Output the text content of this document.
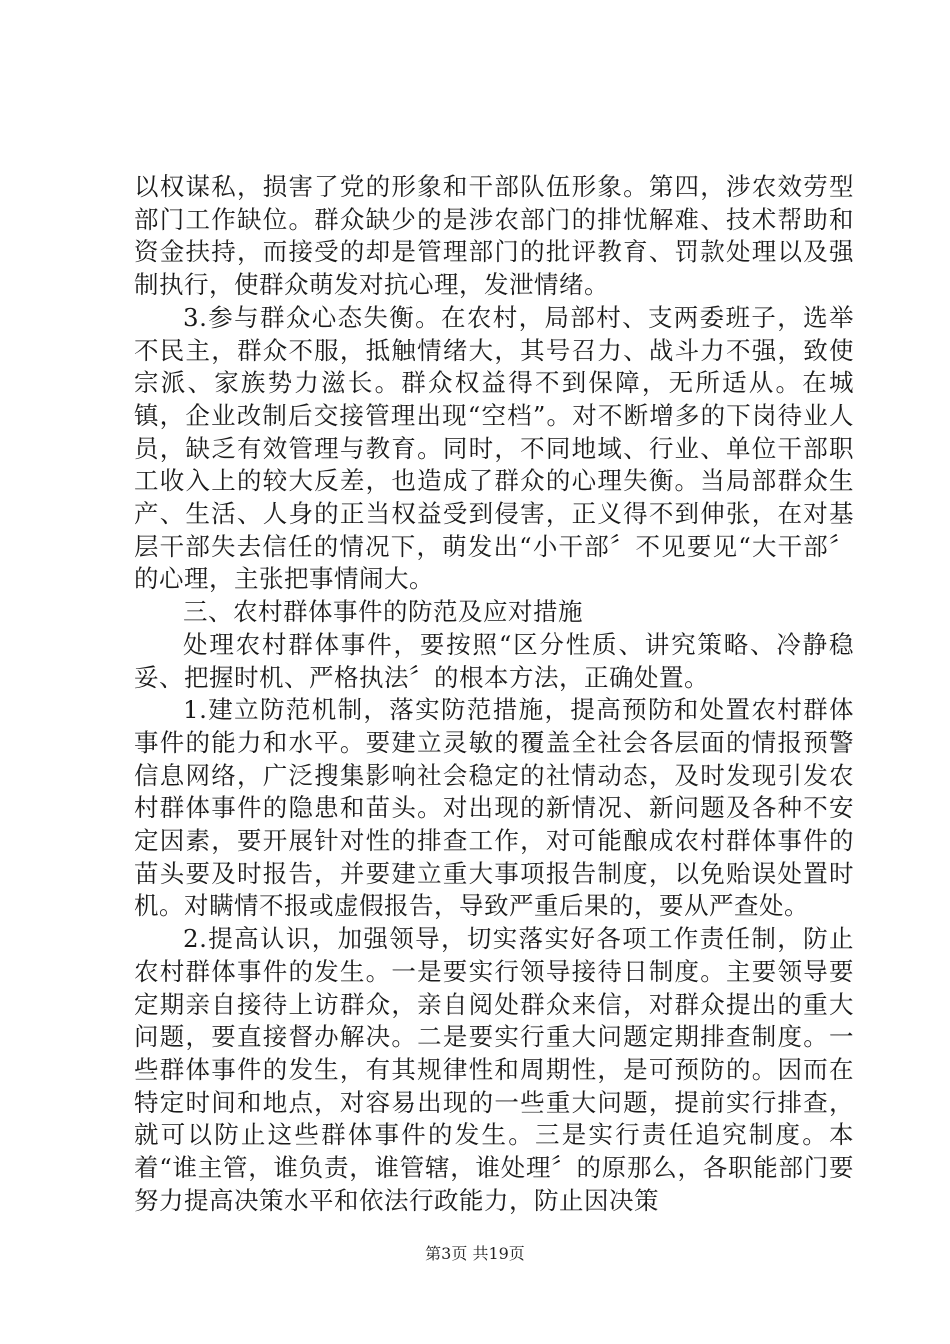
以权谋私，损害了党的形象和干部队伍形象。第四，涉农效劳型部门工作缺位。群众缺少的是涉农部门的排忧解难、技术帮助和资金扶持，而接受的却是管理部门的批评教育、罚款处理以及强制执行，使群众萌发对抗心理，发泄情绪。

3.参与群众心态失衡。在农村，局部村、支两委班子，选举不民主，群众不服，抵触情绪大，其号召力、战斗力不强，致使宗派、家族势力滋长。群众权益得不到保障，无所适从。在城镇，企业改制后交接管理出现“空档”。对不断增多的下岗待业人员，缺乏有效管理与教育。同时，不同地域、行业、单位干部职工收入上的较大反差，也造成了群众的心理失衡。当局部群众生产、生活、人身的正当权益受到侵害，正义得不到伸张，在对基层干部失去信任的情况下，萌发出“小干部〞不见要见“大干部〞的心理，主张把事情闹大。

三、农村群体事件的防范及应对措施

处理农村群体事件，要按照“区分性质、讲究策略、冷静稳妥、把握时机、严格执法〞的根本方法，正确处置。

1.建立防范机制，落实防范措施，提高预防和处置农村群体事件的能力和水平。要建立灵敏的覆盖全社会各层面的情报预警信息网络，广泛搜集影响社会稳定的社情动态，及时发现引发农村群体事件的隐患和苗头。对出现的新情况、新问题及各种不安定因素，要开展针对性的排查工作，对可能酿成农村群体事件的苗头要及时报告，并要建立重大事项报告制度，以免贻误处置时机。对瞒情不报或虚假报告，导致严重后果的，要从严查处。

2.提高认识，加强领导，切实落实好各项工作责任制，防止农村群体事件的发生。一是要实行领导接待日制度。主要领导要定期亲自接待上访群众，亲自阅处群众来信，对群众提出的重大问题，要直接督办解决。二是要实行重大问题定期排查制度。一些群体事件的发生，有其规律性和周期性，是可预防的。因而在特定时间和地点，对容易出现的一些重大问题，提前实行排查，就可以防止这些群体事件的发生。三是实行责任追究制度。本着“谁主管，谁负责，谁管辖，谁处理〞的原那么，各职能部门要努力提高决策水平和依法行政能力，防止因决策

第3页 共19页
